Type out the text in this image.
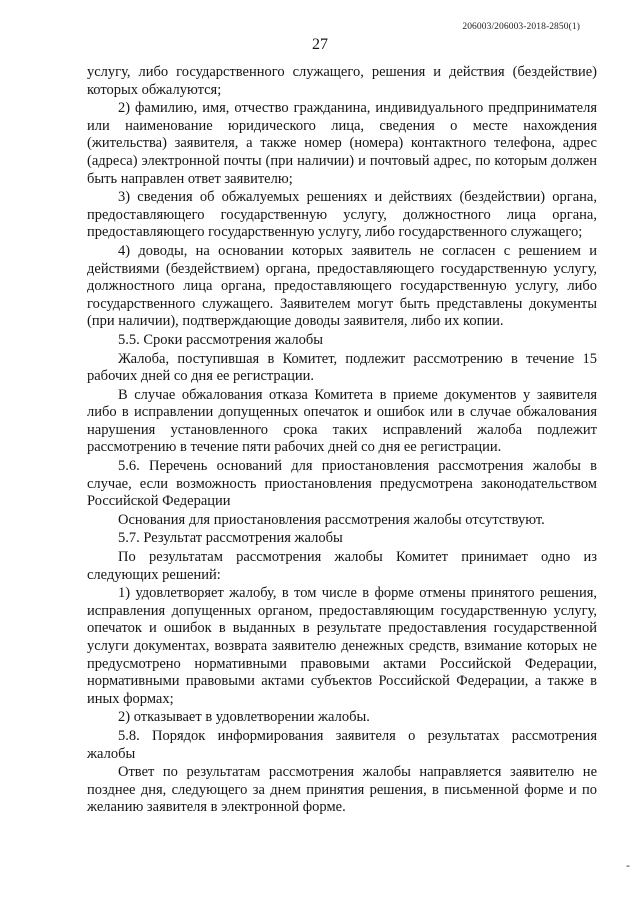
206003/206003-2018-2850(1)
27

услугу, либо государственного служащего, решения и действия (бездействие) которых обжалуются;

2) фамилию, имя, отчество гражданина, индивидуального предпринимателя или наименование юридического лица, сведения о месте нахождения (жительства) заявителя, а также номер (номера) контактного телефона, адрес (адреса) электронной почты (при наличии) и почтовый адрес, по которым должен быть направлен ответ заявителю;

3) сведения об обжалуемых решениях и действиях (бездействии) органа, предоставляющего государственную услугу, должностного лица органа, предоставляющего государственную услугу, либо государственного служащего;

4) доводы, на основании которых заявитель не согласен с решением и действиями (бездействием) органа, предоставляющего государственную услугу, должностного лица органа, предоставляющего государственную услугу, либо государственного служащего. Заявителем могут быть представлены документы (при наличии), подтверждающие доводы заявителя, либо их копии.

5.5. Сроки рассмотрения жалобы

Жалоба, поступившая в Комитет, подлежит рассмотрению в течение 15 рабочих дней со дня ее регистрации.

В случае обжалования отказа Комитета в приеме документов у заявителя либо в исправлении допущенных опечаток и ошибок или в случае обжалования нарушения установленного срока таких исправлений жалоба подлежит рассмотрению в течение пяти рабочих дней со дня ее регистрации.

5.6. Перечень оснований для приостановления рассмотрения жалобы в случае, если возможность приостановления предусмотрена законодательством Российской Федерации

Основания для приостановления рассмотрения жалобы отсутствуют.

5.7. Результат рассмотрения жалобы

По результатам рассмотрения жалобы Комитет принимает одно из следующих решений:

1) удовлетворяет жалобу, в том числе в форме отмены принятого решения, исправления допущенных органом, предоставляющим государственную услугу, опечаток и ошибок в выданных в результате предоставления государственной услуги документах, возврата заявителю денежных средств, взимание которых не предусмотрено нормативными правовыми актами Российской Федерации, нормативными правовыми актами субъектов Российской Федерации, а также в иных формах;

2) отказывает в удовлетворении жалобы.

5.8. Порядок информирования заявителя о результатах рассмотрения жалобы

Ответ по результатам рассмотрения жалобы направляется заявителю не позднее дня, следующего за днем принятия решения, в письменной форме и по желанию заявителя в электронной форме.

-
